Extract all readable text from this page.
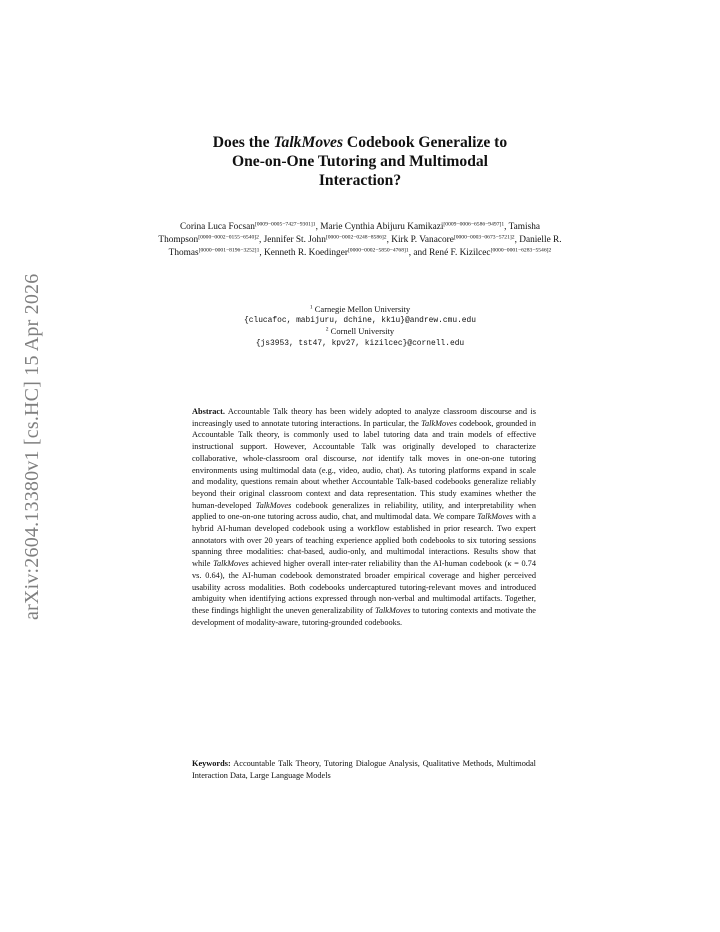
arXiv:2604.13380v1 [cs.HC] 15 Apr 2026
Does the TalkMoves Codebook Generalize to
One-on-One Tutoring and Multimodal
Interaction?
Corina Luca Focsan$^{[0009-0005-7427-9301]1}$, Marie Cynthia Abijuru Kamikazi$^{[0009-0006-6586-9497]1}$, Tamisha Thompson$^{[0000-0002-0155-6540]2}$, Jennifer St. John$^{[0000-0002-0248-8586]2}$, Kirk P. Vanacore$^{[0000-0003-0673-5721]2}$, Danielle R. Thomas$^{[0000-0001-8196-3252]1}$, Kenneth R. Koedinger$^{[0000-0002-5850-4768]1}$, and René F. Kizilcec$^{[0000-0001-6283-5546]2}$
$^1$ Carnegie Mellon University
{clucafoc, mabijuru, dchine, kk1u}@andrew.cmu.edu
$^2$ Cornell University
{js3953, tst47, kpv27, kizilcec}@cornell.edu
Abstract. Accountable Talk theory has been widely adopted to analyze classroom discourse and is increasingly used to annotate tutoring interactions. In particular, the TalkMoves codebook, grounded in Accountable Talk theory, is commonly used to label tutoring data and train models of effective instructional support. However, Accountable Talk was originally developed to characterize collaborative, whole-classroom oral discourse, not identify talk moves in one-on-one tutoring environments using multimodal data (e.g., video, audio, chat). As tutoring platforms expand in scale and modality, questions remain about whether Accountable Talk-based codebooks generalize reliably beyond their original classroom context and data representation. This study examines whether the human-developed TalkMoves codebook generalizes in reliability, utility, and interpretability when applied to one-on-one tutoring across audio, chat, and multimodal data. We compare TalkMoves with a hybrid AI-human developed codebook using a workflow established in prior research. Two expert annotators with over 20 years of teaching experience applied both codebooks to six tutoring sessions spanning three modalities: chat-based, audio-only, and multimodal interactions. Results show that while TalkMoves achieved higher overall inter-rater reliability than the AI-human codebook (κ = 0.74 vs. 0.64), the AI-human codebook demonstrated broader empirical coverage and higher perceived usability across modalities. Both codebooks undercaptured tutoring-relevant moves and introduced ambiguity when identifying actions expressed through non-verbal and multimodal artifacts. Together, these findings highlight the uneven generalizability of TalkMoves to tutoring contexts and motivate the development of modality-aware, tutoring-grounded codebooks.
Keywords: Accountable Talk Theory, Tutoring Dialogue Analysis, Qualitative Methods, Multimodal Interaction Data, Large Language Models
